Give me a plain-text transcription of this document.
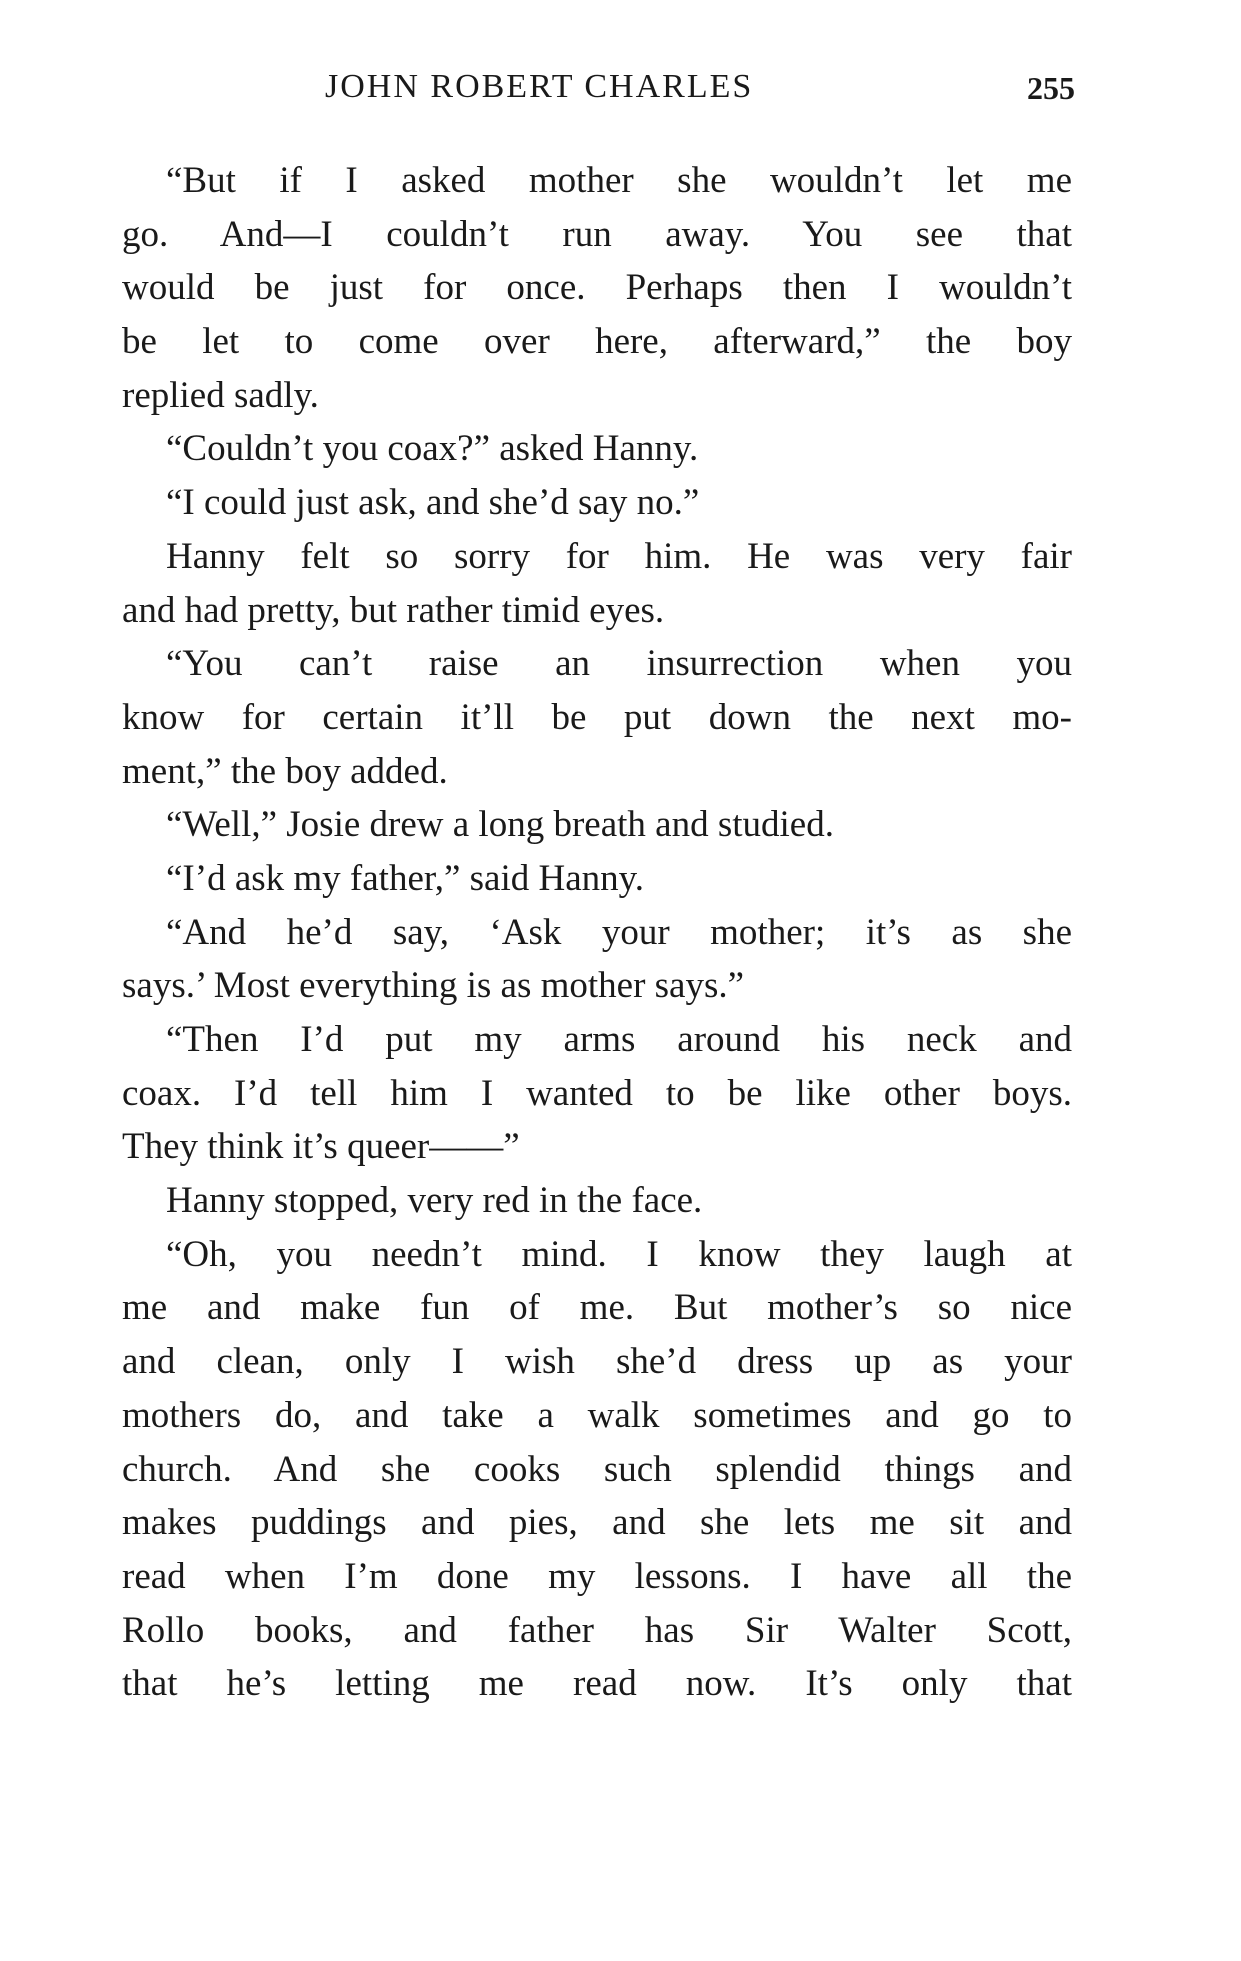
JOHN ROBERT CHARLES	255
“But if I asked mother she wouldn’t let me
go. And—I couldn’t run away. You see that
would be just for once. Perhaps then I wouldn’t
be let to come over here, afterward,” the boy
replied sadly.
“Couldn’t you coax?” asked Hanny.
“I could just ask, and she’d say no.”
Hanny felt so sorry for him. He was very fair
and had pretty, but rather timid eyes.
“You can’t raise an insurrection when you
know for certain it’ll be put down the next mo-
ment,” the boy added.
“Well,” Josie drew a long breath and studied.
“I’d ask my father,” said Hanny.
“And he’d say, ‘Ask your mother; it’s as she
says.’ Most everything is as mother says.”
“Then I’d put my arms around his neck and
coax. I’d tell him I wanted to be like other boys.
They think it’s queer——”
Hanny stopped, very red in the face.
“Oh, you needn’t mind. I know they laugh at
me and make fun of me. But mother’s so nice
and clean, only I wish she’d dress up as your
mothers do, and take a walk sometimes and go to
church. And she cooks such splendid things and
makes puddings and pies, and she lets me sit and
read when I’m done my lessons. I have all the
Rollo books, and father has Sir Walter Scott,
that he’s letting me read now. It’s only that
